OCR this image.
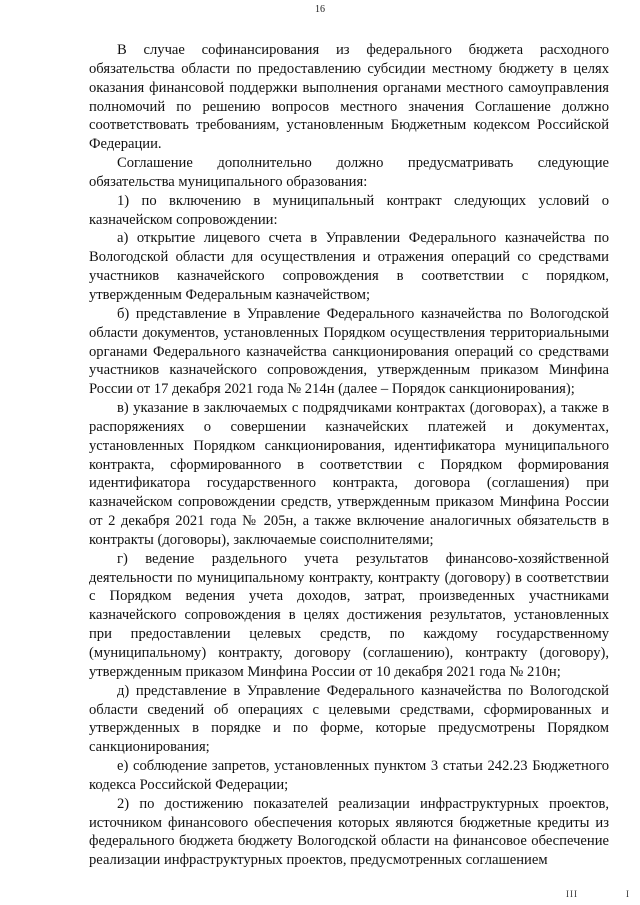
16

В случае софинансирования из федерального бюджета расходного обязательства области по предоставлению субсидии местному бюджету в целях оказания финансовой поддержки выполнения органами местного самоуправления полномочий по решению вопросов местного значения Соглашение должно соответствовать требованиям, установленным Бюджетным кодексом Российской Федерации.

Соглашение дополнительно должно предусматривать следующие обязательства муниципального образования:

1) по включению в муниципальный контракт следующих условий о казначейском сопровождении:

а) открытие лицевого счета в Управлении Федерального казначейства по Вологодской области для осуществления и отражения операций со средствами участников казначейского сопровождения в соответствии с порядком, утвержденным Федеральным казначейством;

б) представление в Управление Федерального казначейства по Вологодской области документов, установленных Порядком осуществления территориальными органами Федерального казначейства санкционирования операций со средствами участников казначейского сопровождения, утвержденным приказом Минфина России от 17 декабря 2021 года № 214н (далее – Порядок санкционирования);

в) указание в заключаемых с подрядчиками контрактах (договорах), а также в распоряжениях о совершении казначейских платежей и документах, установленных Порядком санкционирования, идентификатора муниципального контракта, сформированного в соответствии с Порядком формирования идентификатора государственного контракта, договора (соглашения) при казначейском сопровождении средств, утвержденным приказом Минфина России от 2 декабря 2021 года № 205н, а также включение аналогичных обязательств в контракты (договоры), заключаемые соисполнителями;

г) ведение раздельного учета результатов финансово-хозяйственной деятельности по муниципальному контракту, контракту (договору) в соответствии с Порядком ведения учета доходов, затрат, произведенных участниками казначейского сопровождения в целях достижения результатов, установленных при предоставлении целевых средств, по каждому государственному (муниципальному) контракту, договору (соглашению), контракту (договору), утвержденным приказом Минфина России от 10 декабря 2021 года № 210н;

д) представление в Управление Федерального казначейства по Вологодской области сведений об операциях с целевыми средствами, сформированных и утвержденных в порядке и по форме, которые предусмотрены Порядком санкционирования;

е) соблюдение запретов, установленных пунктом 3 статьи 242.23 Бюджетного кодекса Российской Федерации;

2) по достижению показателей реализации инфраструктурных проектов, источником финансового обеспечения которых являются бюджетные кредиты из федерального бюджета бюджету Вологодской области на финансовое обеспечение реализации инфраструктурных проектов, предусмотренных соглашением

III	I
